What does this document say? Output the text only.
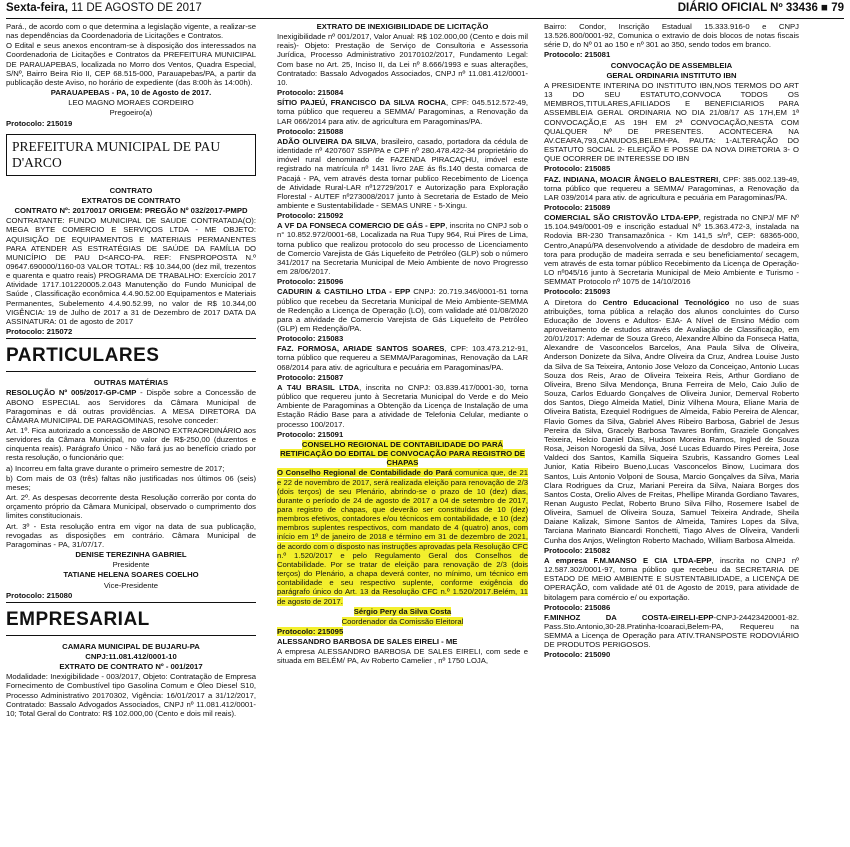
Sexta-feira, 11 DE AGOSTO DE 2017	DIÁRIO OFICIAL Nº 33436 ■ 79

Pará., de acordo com o que determina a legislação vigente, a realizar-se nas dependências da Coordenadoria de Licitações e Contratos.

O Edital e seus anexos encontram-se à disposição dos interessados na Coordenadoria de Licitações e Contratos da PREFEITURA MUNICIPAL DE PARAUAPEBAS, localizada no Morro dos Ventos, Quadra Especial, S/Nº, Bairro Beira Rio II, CEP 68.515-000, Parauapebas/PA, a partir da publicação deste Aviso, no horário de expediente (das 8:00h às 14:00h).

PARAUAPEBAS - PA, 10 de Agosto de 2017.

LEO MAGNO MORAES CORDEIRO

Pregoeiro(a)

Protocolo: 215019

PREFEITURA MUNICIPAL DE PAU D'ARCO

CONTRATO

EXTRATOS DE CONTRATO

CONTRATO Nº: 20170017 ORIGEM: PREGÃO Nº 032/2017-PMPD

CONTRATANTE: FUNDO MUNICIPAL DE SAUDE CONTRATADA(O): MEGA BYTE COMERCIO E SERVIÇOS LTDA - ME OBJETO: AQUISIÇÃO DE EQUIPAMENTOS E MATERIAIS PERMANENTES PARA ATENDER AS ESTRATÉGIAS DE SAÚDE DA FAMÍLIA DO MUNICÍPIO DE PAU D<ARCO-PA. REF: FNSPROPOSTA N.º 09647.690000/1160-03 VALOR TOTAL: R$ 10.344,00 (dez mil, trezentos e quarenta e quatro reais) PROGRAMA DE TRABALHO: Exercício 2017 Atividade 1717.101220005.2.043 Manutenção do Fundo Municipal de Saúde , Classificação econômica 4.4.90.52.00 Equipamentos e Materiais Permanentes, Subelemento 4.4.90.52.99, no valor de R$ 10.344,00 VIGÊNCIA: 19 de Julho de 2017 a 31 de Dezembro de 2017 DATA DA ASSINATURA: 01 de agosto de 2017

Protocolo: 215072

PARTICULARES

OUTRAS MATÉRIAS

RESOLUÇÃO Nº 005/2017-GP-CMP - Dispõe sobre a Concessão de ABONO ESPECIAL aos Servidores da Câmara Municipal de Paragominas e dá outras providências. A MESA DIRETORA DA CÂMARA MUNICIPAL DE PARAGOMINAS, resolve conceder:

Art. 1º. Fica autorizado a concessão de ABONO EXTRAORDINÁRIO aos servidores da Câmara Municipal, no valor de R$-250,00 (duzentos e cinquenta reais). Parágrafo Único - Não fará jus ao benefício criado por resta resolução, o funcionário que:

a) Incorreu em falta grave durante o primeiro semestre de 2017;

b) Com mais de 03 (três) faltas não justificadas nos últimos 06 (seis) meses;

Art. 2º. As despesas decorrente desta Resolução correrão por conta do orçamento próprio da Câmara Municipal, observado o cumprimento dos limites constitucionais.

Art. 3º - Esta resolução entra em vigor na data de sua publicação, revogadas as disposições em contrário. Câmara Municipal de Paragominas - PA, 31/07/17.

DENISE TEREZINHA GABRIEL

Presidente

TATIANE HELENA SOARES COELHO

Vice-Presidente

Protocolo: 215080

EMPRESARIAL

CAMARA MUNICIPAL DE BUJARU-PA

CNPJ:11.081.412/0001-10

EXTRATO DE CONTRATO Nº - 001/2017

Modalidade: Inexigibilidade - 003/2017, Objeto: Contratação de Empresa Fornecimento de Combustível tipo Gasolina Comum e Óleo Diesel S10, Processo Administrativo 20170302, Vigência: 16/01/2017 a 31/12/2017, Contratado: Bassalo Advogados Associados, CNPJ nº 11.081.412/0001-10; Total Geral do Contrato: R$ 102.000,00 (Cento e dois mil reais).

EXTRATO DE INEXIGIBILIDADE DE LICITAÇÃO

Inexigibilidade nº 001/2017, Valor Anual: R$ 102.000,00 (Cento e dois mil reais)- Objeto: Prestação de Serviço de Consultoria e Assessoria Jurídica, Processo Administrativo 20170102/2017, Fundamento Legal: Com base no Art. 25, Inciso II, da Lei nº 8.666/1993 e suas alterações, Contratado: Bassalo Advogados Associados, CNPJ nº 11.081.412/0001-10.

Protocolo: 215084

SÍTIO PAJEÚ, FRANCISCO DA SILVA ROCHA, CPF: 045.512.572-49, torna público que requereu a SEMMA/ Paragominas, a Renovação da LAR 066/2014 para ativ. de agricultura em Paragominas/PA.

Protocolo: 215088

ADÃO OLIVEIRA DA SILVA, brasileiro, casado, portadora da cédula de identidade nº 4207607 SSP/PA e CPF nº 280.478.422-34 proprietário do imóvel rural denominado de FAZENDA PIRACAÇHU, imóvel este registrado na matrícula nº 1431 livro 2AE ás fls.140 desta comarca de Pacajá - PA, vem através desta tornar publico Recebimento de Licença de Atividade Rural-LAR nº12729/2017 e Autorização para Exploração Florestal - AUTEF nº273008/2017 junto à Secretaria de Estado de Meio ambiente e Sustentabilidade - SEMAS UNRE - 5-Xingu.

Protocolo: 215092

A VF DA FONSECA COMERCIO DE GÁS - EPP, inscrita no CNPJ sob o n° 10.852.972/0001-68, Localizada na Rua Tupy 964, Rui Pires de Lima, torna publico que realizou protocolo do seu processo de Licenciamento de Comercio Varejista de Gás Liquefeito de Petróleo (GLP) sob o número 341/2017 na Secretaria Municipal de Meio Ambiente de novo Progresso em 28/06/2017.

Protocolo: 215096

CADURIN & CASTILHO LTDA - EPP CNPJ: 20.719.346/0001-51 torna público que recebeu da Secretaria Municipal de Meio Ambiente-SEMMA de Redenção a Licença de Operação (LO), com validade até 01/08/2020 para a atividade de Comercio Varejista de Gás Liquefeito de Petróleo (GLP) em Redenção/PA.

Protocolo: 215083

FAZ. FORMOSA, ARIADE SANTOS SOARES, CPF: 103.473.212-91, torna público que requereu a SEMMA/Paragominas, Renovação da LAR 068/2014 para ativ. de agricultura e pecuária em Paragominas/PA.

Protocolo: 215087

A T4U BRASIL LTDA, inscrita no CNPJ: 03.839.417/0001-30, torna público que requereu junto à Secretaria Municipal do Verde e do Meio Ambiente de Paragominas a Obtenção da Licença de Instalação de uma Estação Rádio Base para a atividade de Telefonia Celular, mediante o processo 100/2017.

Protocolo: 215091

CONSELHO REGIONAL DE CONTABILIDADE DO PARÁ RETIFICAÇÃO DO EDITAL DE CONVOCAÇÃO PARA REGISTRO DE CHAPAS

O Conselho Regional de Contabilidade do Pará comunica que, de 21 e 22 de novembro de 2017, será realizada eleição para renovação de 2/3 (dois terços) de seu Plenário, abrindo-se o prazo de 10 (dez) dias, durante o período de 24 de agosto de 2017 a 04 de setembro de 2017, para registro de chapas, que deverão ser constituídas de 10 (dez) membros efetivos, contadores e/ou técnicos em contabilidade, e 10 (dez) membros suplentes respectivos, com mandato de 4 (quatro) anos, com início em 1º de janeiro de 2018 e término em 31 de dezembro de 2021, de acordo com o disposto nas instruções aprovadas pela Resolução CFC n.º 1.520/2017 e pelo Regulamento Geral dos Conselhos de Contabilidade. Por se tratar de eleição para renovação de 2/3 (dois terços) do Plenário, a chapa deverá conter, no mínimo, um técnico em contabilidade e seu respectivo suplente, conforme exigência do parágrafo único do Art. 13 da Resolução CFC n.º 1.520/2017.Belém, 11 de agosto de 2017.

Sérgio Pery da Silva Costa

Coordenador da Comissão Eleitoral

Protocolo: 215095

ALESSANDRO BARBOSA DE SALES EIRELI - ME

A empresa ALESSANDRO BARBOSA DE SALES EIRELI, com sede e situada em BELÉM/ PA, Av Roberto Camelier , nº 1750 LOJA,

Bairro: Condor, Inscrição Estadual 15.333.916-0 e CNPJ 13.526.800/0001-92, Comunica o extravio de dois blocos de notas fiscais série D, do Nº 01 ao 150 e nº 301 ao 350, sendo todos em branco.

Protocolo: 215081

CONVOCAÇÃO DE ASSEMBLEIA

GERAL ORDINARIA INSTITUTO IBN

A PRESIDENTE INTERINA DO INSTITUTO IBN,NOS TERMOS DO ART 13 DO SEU ESTATUTO,CONVOCA TODOS OS MEMBROS,TITULARES,AFILIADOS E BENEFICIARIOS PARA ASSEMBLEIA GERAL ORDINARIA NO DIA 21/08/17 AS 17H,EM 1ª CONVOCAÇÃO,E AS 19H EM 2ª CONVOCAÇÃO,NESTA COM QUALQUER Nº DE PRESENTES. ACONTECERA NA AV.CEARA,793,CANUDOS,BELEM-PA. PAUTA: 1-ALTERAÇÃO DO ESTATUTO SOCIAL 2- ELEIÇÃO E POSSE DA NOVA DIRETORIA 3- O QUE OCORRER DE INTERESSE DO IBN

Protocolo: 215085

FAZ. INDIANA, MOACIR ÂNGELO BALESTRERI, CPF: 385.002.139-49, torna público que requereu a SEMMA/ Paragominas, a Renovação da LAR 039/2014 para ativ. de agricultura e pecuária em Paragominas/PA.

Protocolo: 215089

COMERCIAL SÃO CRISTOVÃO LTDA-EPP, registrada no CNPJ/ MF Nº 15.104.949/0001-09 e inscrição estadual Nº 15.363.472-3, instalada na Rodovia BR-230 Transamazônica - Km 141,5 s/nº, CEP: 68365-000, Centro,Anapú/PA desenvolvendo a atividade de desdobro de madeira em tora para produção de madeira serrada e seu beneficiamento/ secagem, vem através de esta tornar público Recebimento da Licença de Operação-LO nº045/16 junto à Secretaria Municipal de Meio Ambiente e Turismo - SEMMAT Protocolo nº 1075 de 14/10/2016

Protocolo: 215093

A Diretora do Centro Educacional Tecnológico no uso de suas atribuições, torna pública a relação dos alunos concluintes do Curso Educação de Jovens e Adultos- EJA- A Nível de Ensino Médio com aproveitamento de estudos através de Avaliação de Classificação, em 20/01/2017: Ademar de Souza Greco, Alexandre Albino da Fonseca Hatta, Alexandre de Vasconcelos Barcelos, Ana Paula Silva de Oliveira, Anderson Donizete da Silva, Andre Oliveira da Cruz, Andrea Louise Justo da Silva de Sa Teixeira, Antonio Jose Velozo da Conceiçao, Antonio Lucas Souza dos Reis, Arao de Oliveira Teixeira Reis, Arthur Gordiano de Oliveira, Breno Silva Mendonça, Bruna Ferreira de Melo, Caio Julio de Souza, Carlos Eduardo Gonçalves de Oliveira Junior, Demerval Roberto dos Santos, Diego Almeida Matiel, Diniz Vilhena Moura, Eliane Maria de Oliveira Batista, Ezequiel Rodrigues de Almeida, Fabio Pereira de Alencar, Flavio Gomes da Silva, Gabriel Alves Ribeiro Barbosa, Gabriel de Jesus Pereira da Silva, Gracely Barbosa Tavares Bonfim, Graziele Gonçalves Teixeira, Helcio Daniel Dias, Hudson Moreira Ramos, Ingled de Souza Rosa, Jeison Norogeski da Silva, José Lucas Eduardo Pires Pereira, Jose Valdeci dos Santos, Kamilla Siqueira Szubris, Kassandro Gomes Leal Junior, Katia Ribeiro Bueno,Lucas Vasconcelos Binow, Lucimara dos Santos, Luis Antonio Volponi de Sousa, Marcio Gonçalves da Silva, Maria Clara Rodrigues da Cruz, Mariani Pereira da Silva, Naiara Borges dos Santos Costa, Orelio Alves de Freitas, Phellipe Miranda Gordiano Tavares, Renan Augusto Peclat, Roberto Bruno Silva Filho, Rosemere Isabel de Oliveira, Samuel de Oliveira Souza, Samuel Teixeira Andrade, Sheila Daiane Kalizak, Simone Santos de Almeida, Tamires Lopes da Silva, Tarciana Marinato Biancardi Ronchetti, Tiago Alves de Oliveira, Vanderli Cunha dos Anjos, Welington Roberto Machado, William Barbosa Almeida.

Protocolo: 215082

A empresa F.M.MANSO E CIA LTDA-EPP, inscrita no CNPJ nº 12.587.302/0001-97, torna público que recebeu da SECRETARIA DE ESTADO DE MEIO AMBIENTE E SUSTENTABILIDADE, a LICENÇA DE OPERAÇÃO, com validade até 01 de Agosto de 2019, para atividade de bitolagem para comércio e/ ou exportação.

Protocolo: 215086

F.MINHOZ DA COSTA-EIRELI-EPP-CNPJ-24423420001-82. Pass.Sto.Antonio,30-28.Pratinha-Icoaraci,Belem-PA, Requereu na SEMMA a Licença de Operação para ATIV.TRANSPOSTE RODOVIÁRIO DE PRODUTOS PERIGOSOS.

Protocolo: 215090
